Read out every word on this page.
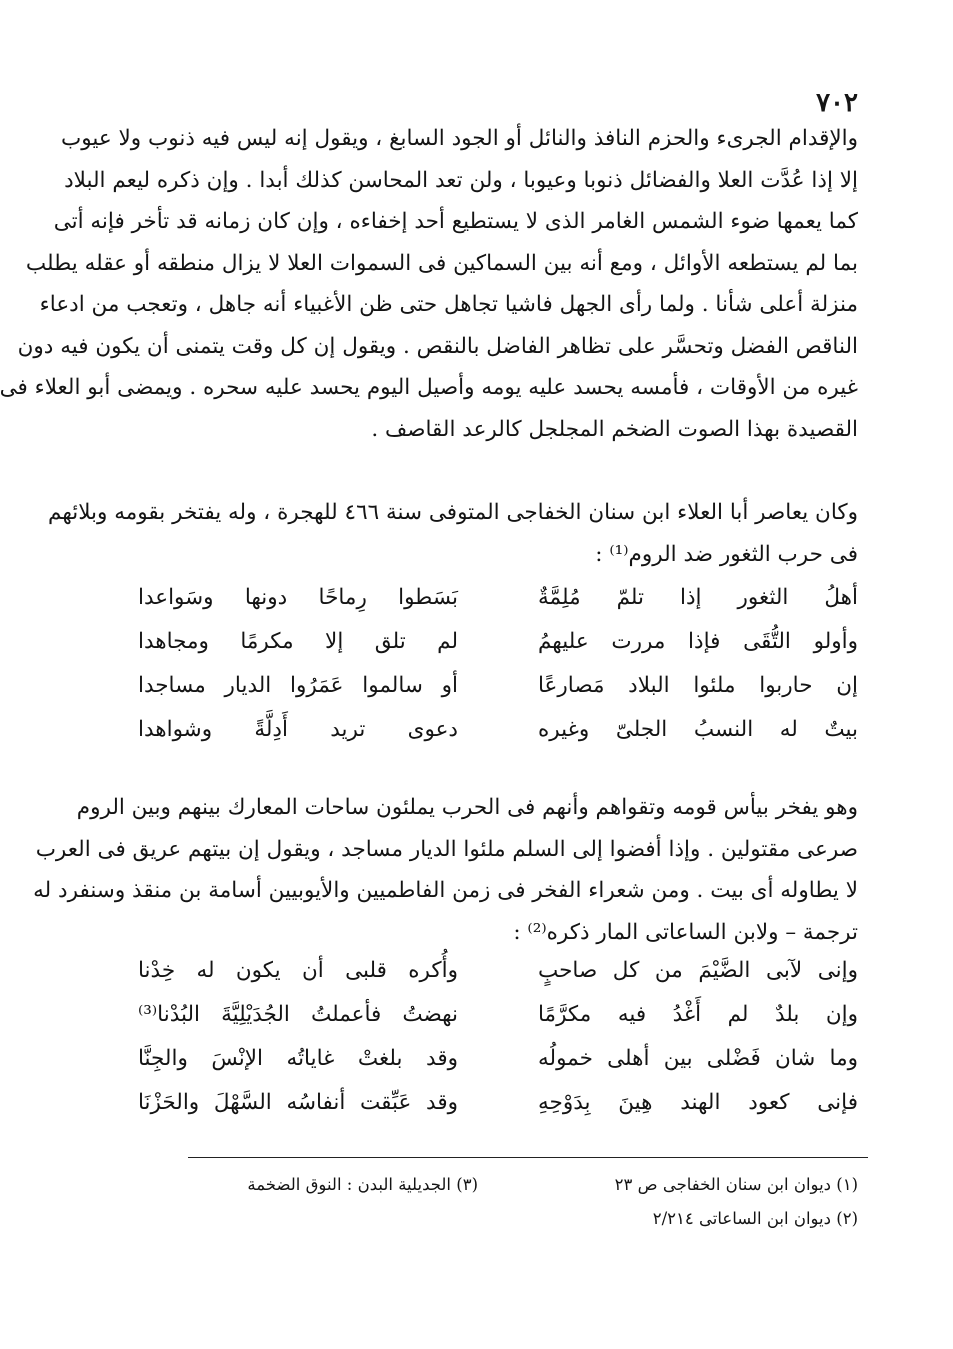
٧٠٢
والإقدام الجرىء والحزم النافذ والنائل أو الجود السابغ ، ويقول إنه ليس فيه ذنوب ولا عيوب
إلا إذا عُدَّت العلا والفضائل ذنوبا وعيوبا ، ولن تعد المحاسن كذلك أبدا . وإن ذكره ليعم البلاد
كما يعمها ضوء الشمس الغامر الذى لا يستطيع أحد إخفاءه ، وإن كان زمانه قد تأخر فإنه أتى
بما لم يستطعه الأوائل ، ومع أنه بين السماكين فى السموات العلا لا يزال منطقه أو عقله يطلب
منزلة أعلى شأنا . ولما رأى الجهل فاشيا تجاهل حتى ظن الأغبياء أنه جاهل ، وتعجب من ادعاء
الناقص الفضل وتحسَّر على تظاهر الفاضل بالنقص . ويقول إن كل وقت يتمنى أن يكون فيه دون
غيره من الأوقات ، فأمسه يحسد عليه يومه وأصيل اليوم يحسد عليه سحره . ويمضى أبو العلاء فى
القصيدة بهذا الصوت الضخم المجلجل كالرعد القاصف .
وكان يعاصر أبا العلاء ابن سنان الخفاجى المتوفى سنة ٤٦٦ للهجرة ، وله يفتخر بقومه وبلائهم
فى حرب الثغور ضد الروم⁽¹⁾ :
أهلُ الثغور إذا تلمّ مُلِمَّةٌ
بَسَطوا رِماحًا دونها وسَواعدا
وأولو التُّقَى فإذا مررت عليهمُ
لم تلق إلا مكرمًا ومجاهدا
إن حاربوا ملئوا البلاد مَصارعًا
أو سالموا عَمَرُوا الديار مساجدا
بيتٌ له النسبُ الجلىّ وغيره
دعوى تريد أَدِلَّةً وشواهدا
وهو يفخر بيأس قومه وتقواهم وأنهم فى الحرب يملئون ساحات المعارك بينهم وبين الروم
صرعى مقتولين . وإذا أفضوا إلى السلم ملئوا الديار مساجد ، ويقول إن بيتهم عريق فى العرب
لا يطاوله أى بيت . ومن شعراء الفخر فى زمن الفاطميين والأيوبيين أسامة بن منقذ وسنفرد له
ترجمة – ولابن الساعاتى المار ذكره⁽²⁾ :
وإنى لآبى الضَّيْمَ من كل صاحبٍ
وأُكره قلبى أن يكون له خِدْنا
وإن بلدٌ لم أَغْدُ فيه مكرَّمًا
نهضتُ فأعملتُ الجُدَيْلِيَّةَ البُدْنا⁽³⁾
وما شان فَضْلى بين أهلى خمولُه
وقد بلغتْ غاياتُه الإنْسَ والجِنَّا
فإنى كعود الهند هِينَ بِدَوْحِهِ
وقد عَبِّقت أنفاسُه السَّهْلَ والحَزْنَا
(١) ديوان ابن سنان الخفاجى ص ٢٣
(٢) ديوان ابن الساعاتى ٢/٢١٤
(٣) الجديلية البدن : النوق الضخمة
